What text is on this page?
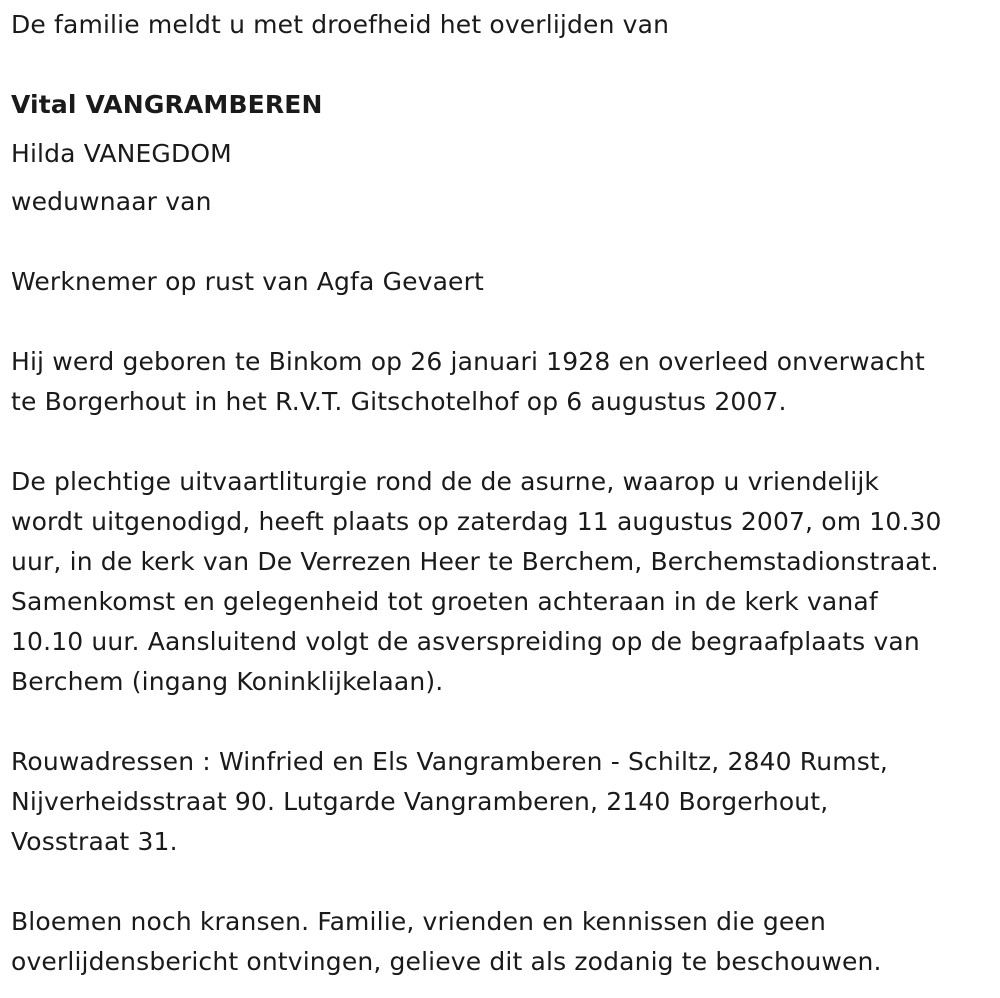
De familie meldt u met droefheid het overlijden van
Vital VANGRAMBEREN
Hilda VANEGDOM
weduwnaar van
Werknemer op rust van Agfa Gevaert
Hij werd geboren te Binkom op 26 januari 1928 en overleed onverwacht
te Borgerhout in het R.V.T. Gitschotelhof op 6 augustus 2007.
De plechtige uitvaartliturgie rond de de asurne, waarop u vriendelijk
wordt uitgenodigd, heeft plaats op zaterdag 11 augustus 2007, om 10.30
uur, in de kerk van De Verrezen Heer te Berchem, Berchemstadionstraat.
Samenkomst en gelegenheid tot groeten achteraan in de kerk vanaf
10.10 uur. Aansluitend volgt de asverspreiding op de begraafplaats van
Berchem (ingang Koninklijkelaan).
Rouwadressen : Winfried en Els Vangramberen - Schiltz, 2840 Rumst,
Nijverheidsstraat 90. Lutgarde Vangramberen, 2140 Borgerhout,
Vosstraat 31.
Bloemen noch kransen. Familie, vrienden en kennissen die geen
overlijdensbericht ontvingen, gelieve dit als zodanig te beschouwen.
